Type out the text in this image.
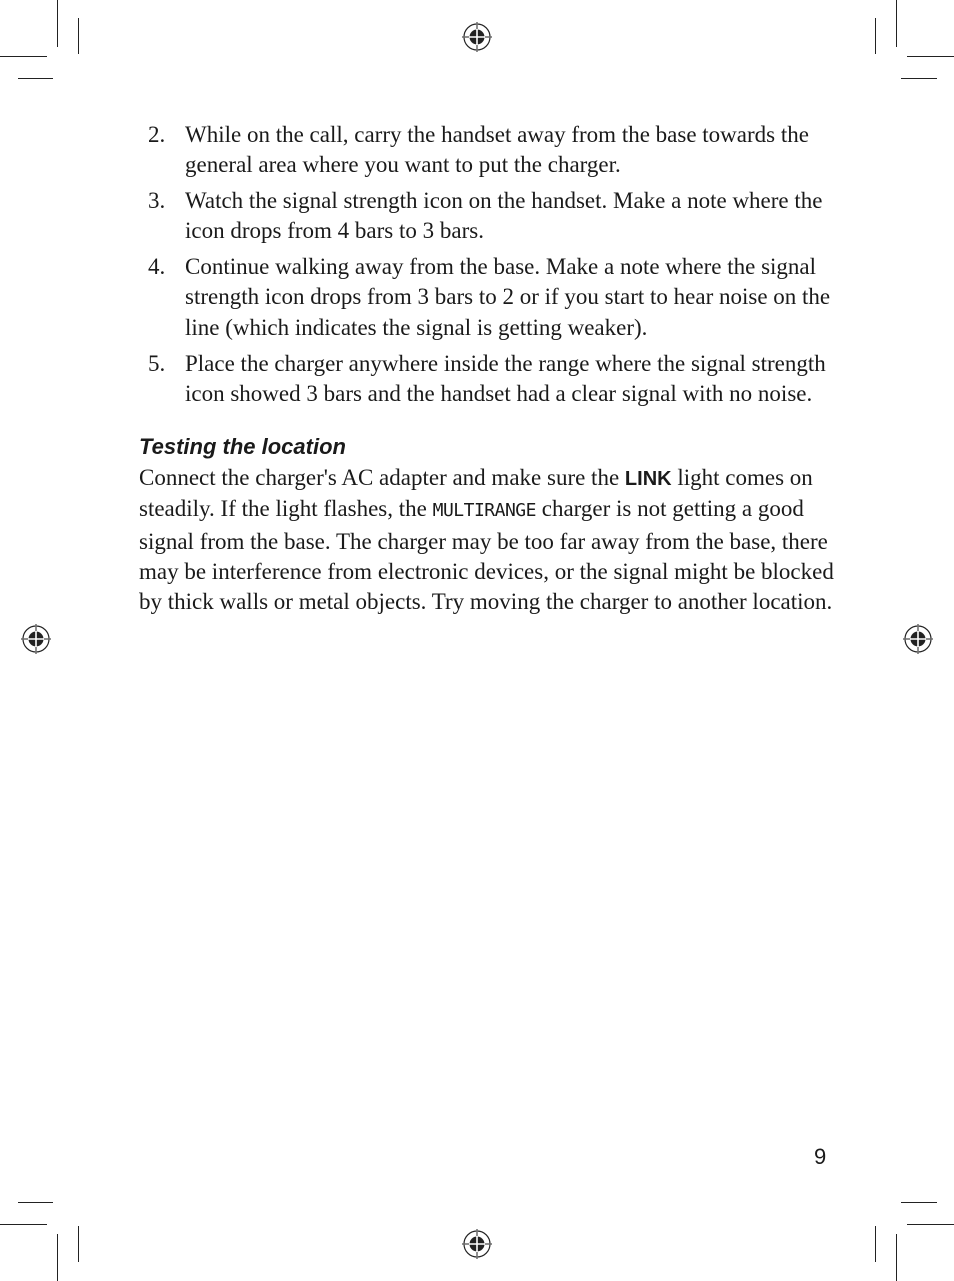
2. While on the call, carry the handset away from the base towards the general area where you want to put the charger.
3. Watch the signal strength icon on the handset. Make a note where the icon drops from 4 bars to 3 bars.
4. Continue walking away from the base. Make a note where the signal strength icon drops from 3 bars to 2 or if you start to hear noise on the line (which indicates the signal is getting weaker).
5. Place the charger anywhere inside the range where the signal strength icon showed 3 bars and the handset had a clear signal with no noise.
Testing the location

Connect the charger's AC adapter and make sure the LINK light comes on steadily. If the light flashes, the MULTIRANGE charger is not getting a good signal from the base. The charger may be too far away from the base, there may be interference from electronic devices, or the signal might be blocked by thick walls or metal objects. Try moving the charger to another location.

9
